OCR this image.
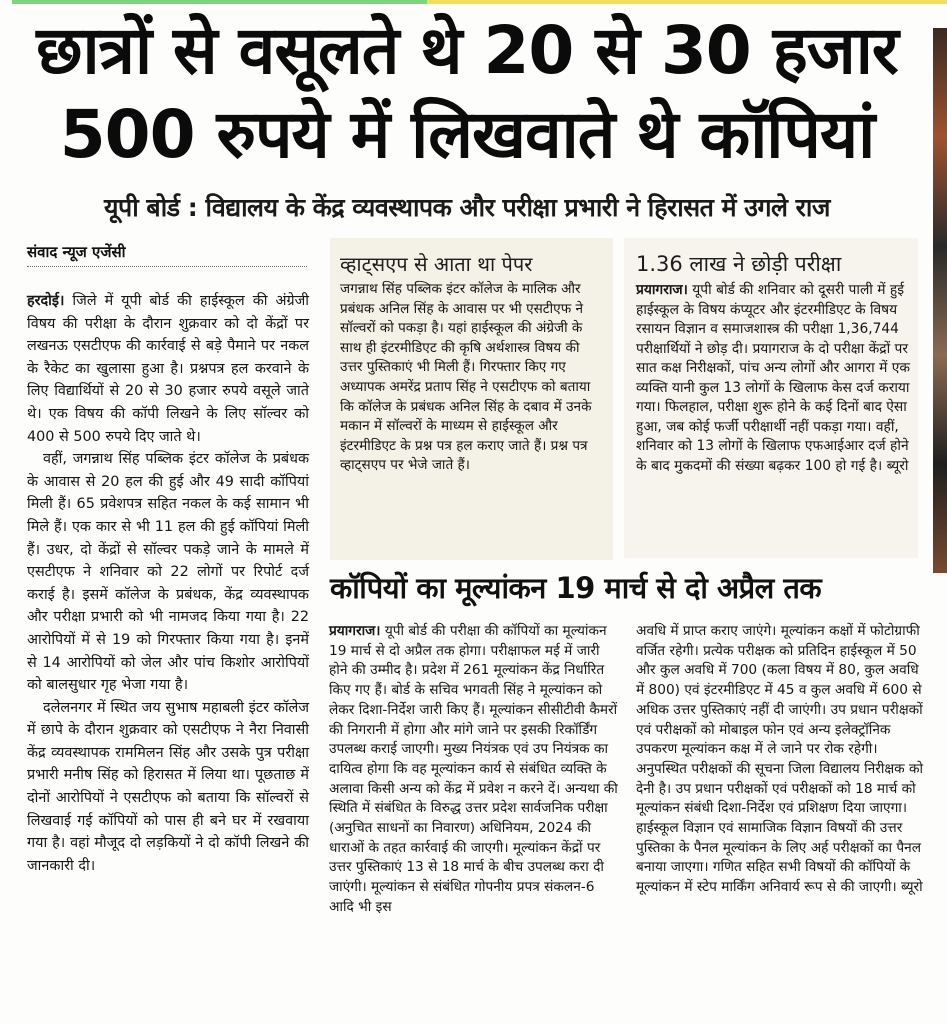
छात्रों से वसूलते थे 20 से 30 हजार
500 रुपये में लिखवाते थे कॉपियां
यूपी बोर्ड : विद्यालय के केंद्र व्यवस्थापक और परीक्षा प्रभारी ने हिरासत में उगले राज
संवाद न्यूज एजेंसी

हरदोई। जिले में यूपी बोर्ड की हाईस्कूल की अंग्रेजी विषय की परीक्षा के दौरान शुक्रवार को दो केंद्रों पर लखनऊ एसटीएफ की कार्रवाई से बड़े पैमाने पर नकल के रैकेट का खुलासा हुआ है। प्रश्नपत्र हल करवाने के लिए विद्यार्थियों से 20 से 30 हजार रुपये वसूले जाते थे। एक विषय की कॉपी लिखने के लिए सॉल्वर को 400 से 500 रुपये दिए जाते थे।

वहीं, जगन्नाथ सिंह पब्लिक इंटर कॉलेज के प्रबंधक के आवास से 20 हल की हुई और 49 सादी कॉपियां मिली हैं। 65 प्रवेशपत्र सहित नकल के कई सामान भी मिले हैं। एक कार से भी 11 हल की हुई कॉपियां मिली हैं। उधर, दो केंद्रों से सॉल्वर पकड़े जाने के मामले में एसटीएफ ने शनिवार को 22 लोगों पर रिपोर्ट दर्ज कराई है। इसमें कॉलेज के प्रबंधक, केंद्र व्यवस्थापक और परीक्षा प्रभारी को भी नामजद किया गया है। 22 आरोपियों में से 19 को गिरफ्तार किया गया है। इनमें से 14 आरोपियों को जेल और पांच किशोर आरोपियों को बालसुधार गृह भेजा गया है।

दलेलनगर में स्थित जय सुभाष महाबली इंटर कॉलेज में छापे के दौरान शुक्रवार को एसटीएफ ने नैरा निवासी केंद्र व्यवस्थापक राममिलन सिंह और उसके पुत्र परीक्षा प्रभारी मनीष सिंह को हिरासत में लिया था। पूछताछ में दोनों आरोपियों ने एसटीएफ को बताया कि सॉल्वरों से लिखवाई गई कॉपियों को पास ही बने घर में रखवाया गया है। वहां मौजूद दो लड़कियों ने दो कॉपी लिखने की जानकारी दी।

व्हाट्सएप से आता था पेपर
जगन्नाथ सिंह पब्लिक इंटर कॉलेज के मालिक और प्रबंधक अनिल सिंह के आवास पर भी एसटीएफ ने सॉल्वरों को पकड़ा है। यहां हाईस्कूल की अंग्रेजी के साथ ही इंटरमीडिएट की कृषि अर्थशास्त्र विषय की उत्तर पुस्तिकाएं भी मिली हैं। गिरफ्तार किए गए अध्यापक अमरेंद्र प्रताप सिंह ने एसटीएफ को बताया कि कॉलेज के प्रबंधक अनिल सिंह के दबाव में उनके मकान में सॉल्वरों के माध्यम से हाईस्कूल और इंटरमीडिएट के प्रश्न पत्र हल कराए जाते हैं। प्रश्न पत्र व्हाट्सएप पर भेजे जाते हैं।
1.36 लाख ने छोड़ी परीक्षा
प्रयागराज। यूपी बोर्ड की शनिवार को दूसरी पाली में हुई हाईस्कूल के विषय कंप्यूटर और इंटरमीडिएट के विषय रसायन विज्ञान व समाजशास्त्र की परीक्षा 1,36,744 परीक्षार्थियों ने छोड़ दी। प्रयागराज के दो परीक्षा केंद्रों पर सात कक्ष निरीक्षकों, पांच अन्य लोगों और आगरा में एक व्यक्ति यानी कुल 13 लोगों के खिलाफ केस दर्ज कराया गया। फिलहाल, परीक्षा शुरू होने के कई दिनों बाद ऐसा हुआ, जब कोई फर्जी परीक्षार्थी नहीं पकड़ा गया। वहीं, शनिवार को 13 लोगों के खिलाफ एफआईआर दर्ज होने के बाद मुकदमों की संख्या बढ़कर 100 हो गई है। ब्यूरो
कॉपियों का मूल्यांकन 19 मार्च से दो अप्रैल तक

प्रयागराज। यूपी बोर्ड की परीक्षा की कॉपियों का मूल्यांकन 19 मार्च से दो अप्रैल तक होगा। परीक्षाफल मई में जारी होने की उम्मीद है। प्रदेश में 261 मूल्यांकन केंद्र निर्धारित किए गए हैं। बोर्ड के सचिव भगवती सिंह ने मूल्यांकन को लेकर दिशा-निर्देश जारी किए हैं। मूल्यांकन सीसीटीवी कैमरों की निगरानी में होगा और मांगे जाने पर इसकी रिकॉर्डिंग उपलब्ध कराई जाएगी। मुख्य नियंत्रक एवं उप नियंत्रक का दायित्व होगा कि वह मूल्यांकन कार्य से संबंधित व्यक्ति के अलावा किसी अन्य को केंद्र में प्रवेश न करने दें। अन्यथा की स्थिति में संबंधित के विरुद्ध उत्तर प्रदेश सार्वजनिक परीक्षा (अनुचित साधनों का निवारण) अधिनियम, 2024 की धाराओं के तहत कार्रवाई की जाएगी। मूल्यांकन केंद्रों पर उत्तर पुस्तिकाएं 13 से 18 मार्च के बीच उपलब्ध करा दी जाएंगी। मूल्यांकन से संबंधित गोपनीय प्रपत्र संकलन-6 आदि भी इस

अवधि में प्राप्त कराए जाएंगे। मूल्यांकन कक्षों में फोटोग्राफी वर्जित रहेगी। प्रत्येक परीक्षक को प्रतिदिन हाईस्कूल में 50 और कुल अवधि में 700 (कला विषय में 80, कुल अवधि में 800) एवं इंटरमीडिएट में 45 व कुल अवधि में 600 से अधिक उत्तर पुस्तिकाएं नहीं दी जाएंगी। उप प्रधान परीक्षकों एवं परीक्षकों को मोबाइल फोन एवं अन्य इलेक्ट्रॉनिक उपकरण मूल्यांकन कक्ष में ले जाने पर रोक रहेगी। अनुपस्थित परीक्षकों की सूचना जिला विद्यालय निरीक्षक को देनी है। उप प्रधान परीक्षकों एवं परीक्षकों को 18 मार्च को मूल्यांकन संबंधी दिशा-निर्देश एवं प्रशिक्षण दिया जाएगा।

हाईस्कूल विज्ञान एवं सामाजिक विज्ञान विषयों की उत्तर पुस्तिका के पैनल मूल्यांकन के लिए अर्ह परीक्षकों का पैनल बनाया जाएगा। गणित सहित सभी विषयों की कॉपियों के मूल्यांकन में स्टेप मार्किंग अनिवार्य रूप से की जाएगी। ब्यूरो
